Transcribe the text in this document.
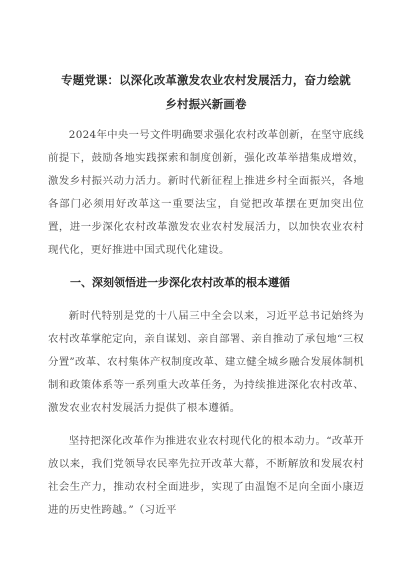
专题党课：以深化改革激发农业农村发展活力，奋力绘就
乡村振兴新画卷

2024年中央一号文件明确要求强化农村改革创新，在坚守底线前提下，鼓励各地实践探索和制度创新，强化改革举措集成增效，激发乡村振兴动力活力。新时代新征程上推进乡村全面振兴，各地各部门必须用好改革这一重要法宝，自觉把改革摆在更加突出位置，进一步深化农村改革激发农业农村发展活力，以加快农业农村现代化，更好推进中国式现代化建设。

一、深刻领悟进一步深化农村改革的根本遵循

新时代特别是党的十八届三中全会以来，习近平总书记始终为农村改革掌舵定向，亲自谋划、亲自部署、亲自推动了承包地“三权分置”改革、农村集体产权制度改革、建立健全城乡融合发展体制机制和政策体系等一系列重大改革任务，为持续推进深化农村改革、激发农业农村发展活力提供了根本遵循。

坚持把深化改革作为推进农业农村现代化的根本动力。“改革开放以来，我们党领导农民率先拉开改革大幕，不断解放和发展农村社会生产力，推动农村全面进步，实现了由温饱不足向全面小康迈进的历史性跨越。”（习近平
